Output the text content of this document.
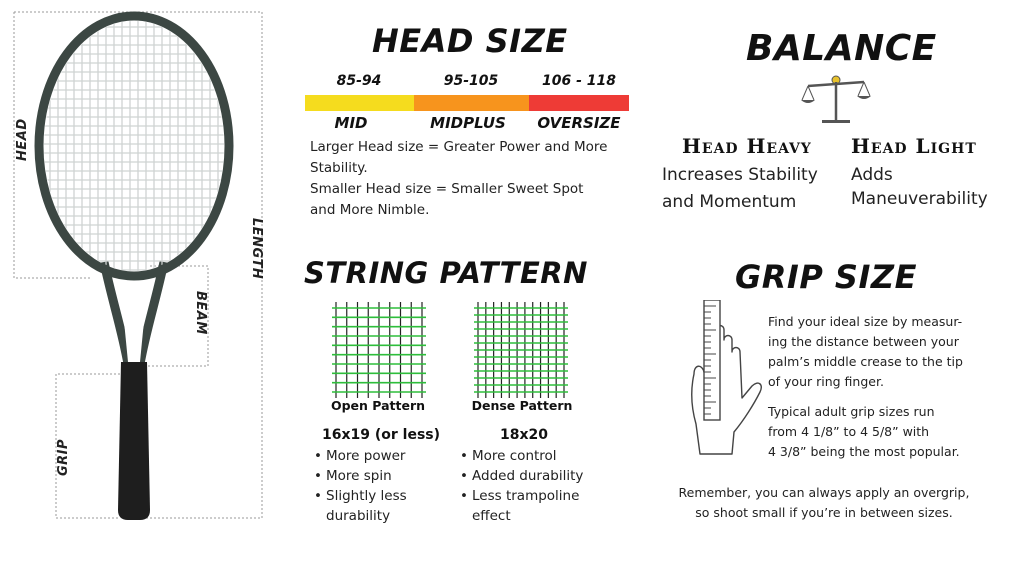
HEAD
LENGTH
BEAM
GRIP
HEAD SIZE
85-94	95-105	106 - 118
MID	MIDPLUS	OVERSIZE
Larger Head size = Greater Power and More Stability.
Smaller Head size = Smaller Sweet Spot and More Nimble.
BALANCE
Head Heavy
Increases Stability
and Momentum
Head Light
Adds
Maneuverability
STRING PATTERN
Open Pattern	Dense Pattern
16x19 (or less)	18x20
• More power
• More spin
• Slightly less
durability
• More control
• Added durability
• Less trampoline
effect
GRIP SIZE
Find your ideal size by measur-
ing the distance between your
palm’s middle crease to the tip
of your ring finger.
Typical adult grip sizes run
from 4 1/8” to 4 5/8” with
4 3/8” being the most popular.
Remember, you can always apply an overgrip,
so shoot small if you’re in between sizes.
